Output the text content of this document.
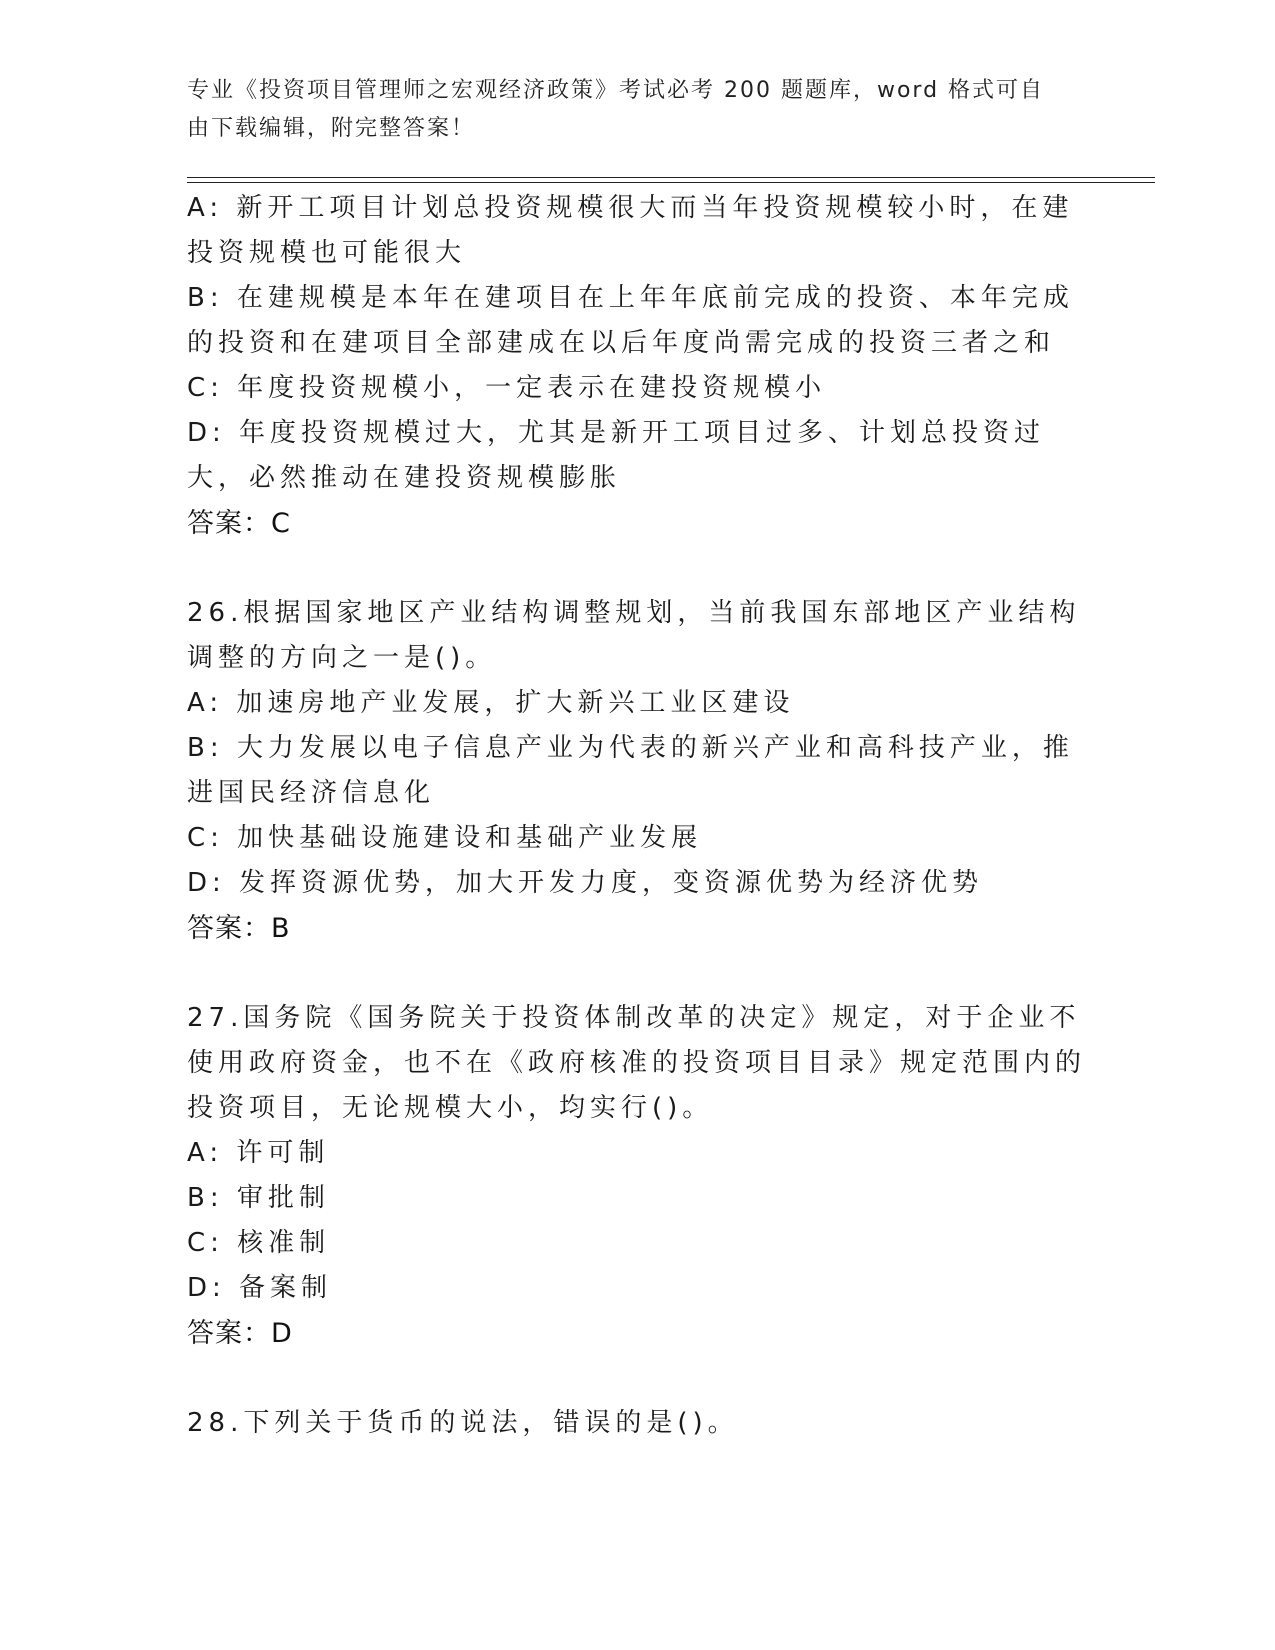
专业《投资项目管理师之宏观经济政策》考试必考 200 题题库，word 格式可自由下载编辑，附完整答案！
A: 新开工项目计划总投资规模很大而当年投资规模较小时，在建投资规模也可能很大
B: 在建规模是本年在建项目在上年年底前完成的投资、本年完成的投资和在建项目全部建成在以后年度尚需完成的投资三者之和
C: 年度投资规模小，一定表示在建投资规模小
D: 年度投资规模过大，尤其是新开工项目过多、计划总投资过大，必然推动在建投资规模膨胀
答案：C
26.根据国家地区产业结构调整规划，当前我国东部地区产业结构调整的方向之一是()。
A: 加速房地产业发展，扩大新兴工业区建设
B: 大力发展以电子信息产业为代表的新兴产业和高科技产业，推进国民经济信息化
C: 加快基础设施建设和基础产业发展
D: 发挥资源优势，加大开发力度，变资源优势为经济优势
答案：B
27.国务院《国务院关于投资体制改革的决定》规定，对于企业不使用政府资金，也不在《政府核准的投资项目目录》规定范围内的投资项目，无论规模大小，均实行()。
A: 许可制
B: 审批制
C: 核准制
D: 备案制
答案：D
28.下列关于货币的说法，错误的是()。
